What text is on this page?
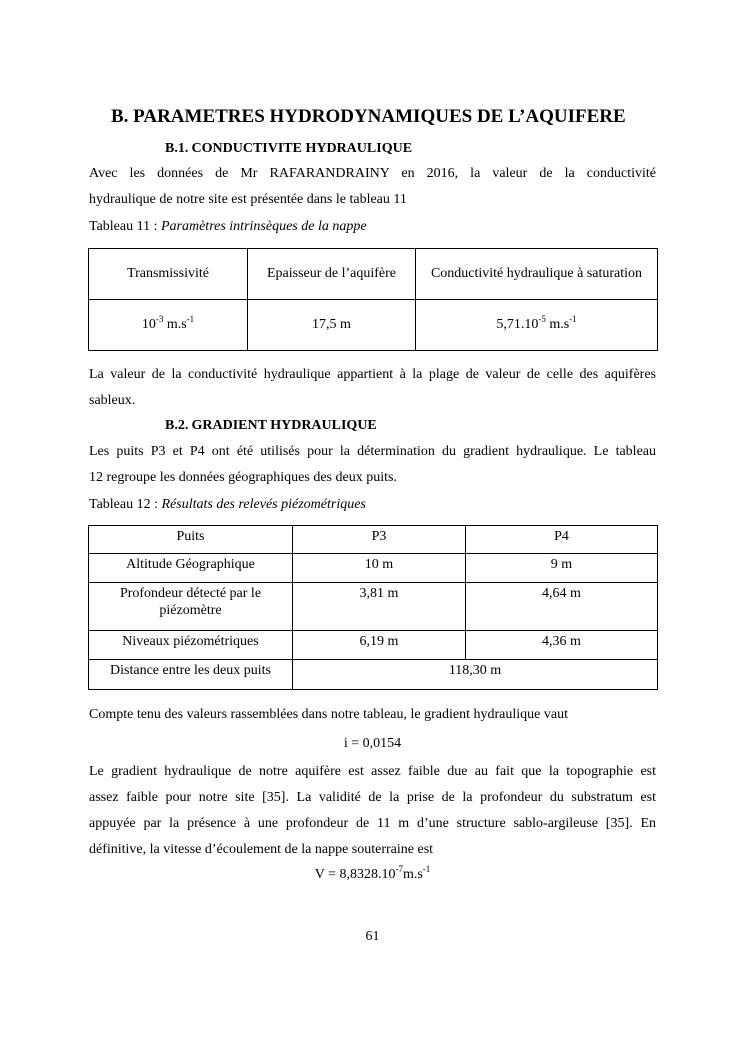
B. PARAMETRES HYDRODYNAMIQUES DE L’AQUIFERE
B.1. CONDUCTIVITE HYDRAULIQUE
Avec les données de Mr RAFARANDRAINY en 2016, la valeur de la conductivité
hydraulique de notre site est présentée dans le tableau 11
Tableau 11 : Paramètres intrinsèques de la nappe
Transmissivité	Epaisseur de l’aquifère	Conductivité hydraulique à saturation
$10^{-3}$ $m.s^{-1}$	17,5 m	$5,71.10^{-5}$ $m.s^{-1}$
La valeur de la conductivité hydraulique appartient à la plage de valeur de celle des aquifères
sableux.
B.2. GRADIENT HYDRAULIQUE
Les puits P3 et P4 ont été utilisés pour la détermination du gradient hydraulique. Le tableau
12 regroupe les données géographiques des deux puits.
Tableau 12 : Résultats des relevés piézométriques
Puits	P3	P4
Altitude Géographique	10 m	9 m
Profondeur détecté par le piézomètre	3,81 m	4,64 m
Niveaux piézométriques	6,19 m	4,36 m
Distance entre les deux puits	118,30 m	
Compte tenu des valeurs rassemblées dans notre tableau, le gradient hydraulique vaut
i = 0,0154
Le gradient hydraulique de notre aquifère est assez faible due au fait que la topographie est
assez faible pour notre site [35]. La validité de la prise de la profondeur du substratum est
appuyée par la présence à une profondeur de 11 m d’une structure sablo-argileuse [35]. En
définitive, la vitesse d’écoulement de la nappe souterraine est
$V = 8,8328.10^{-7}m.s^{-1}$
61
